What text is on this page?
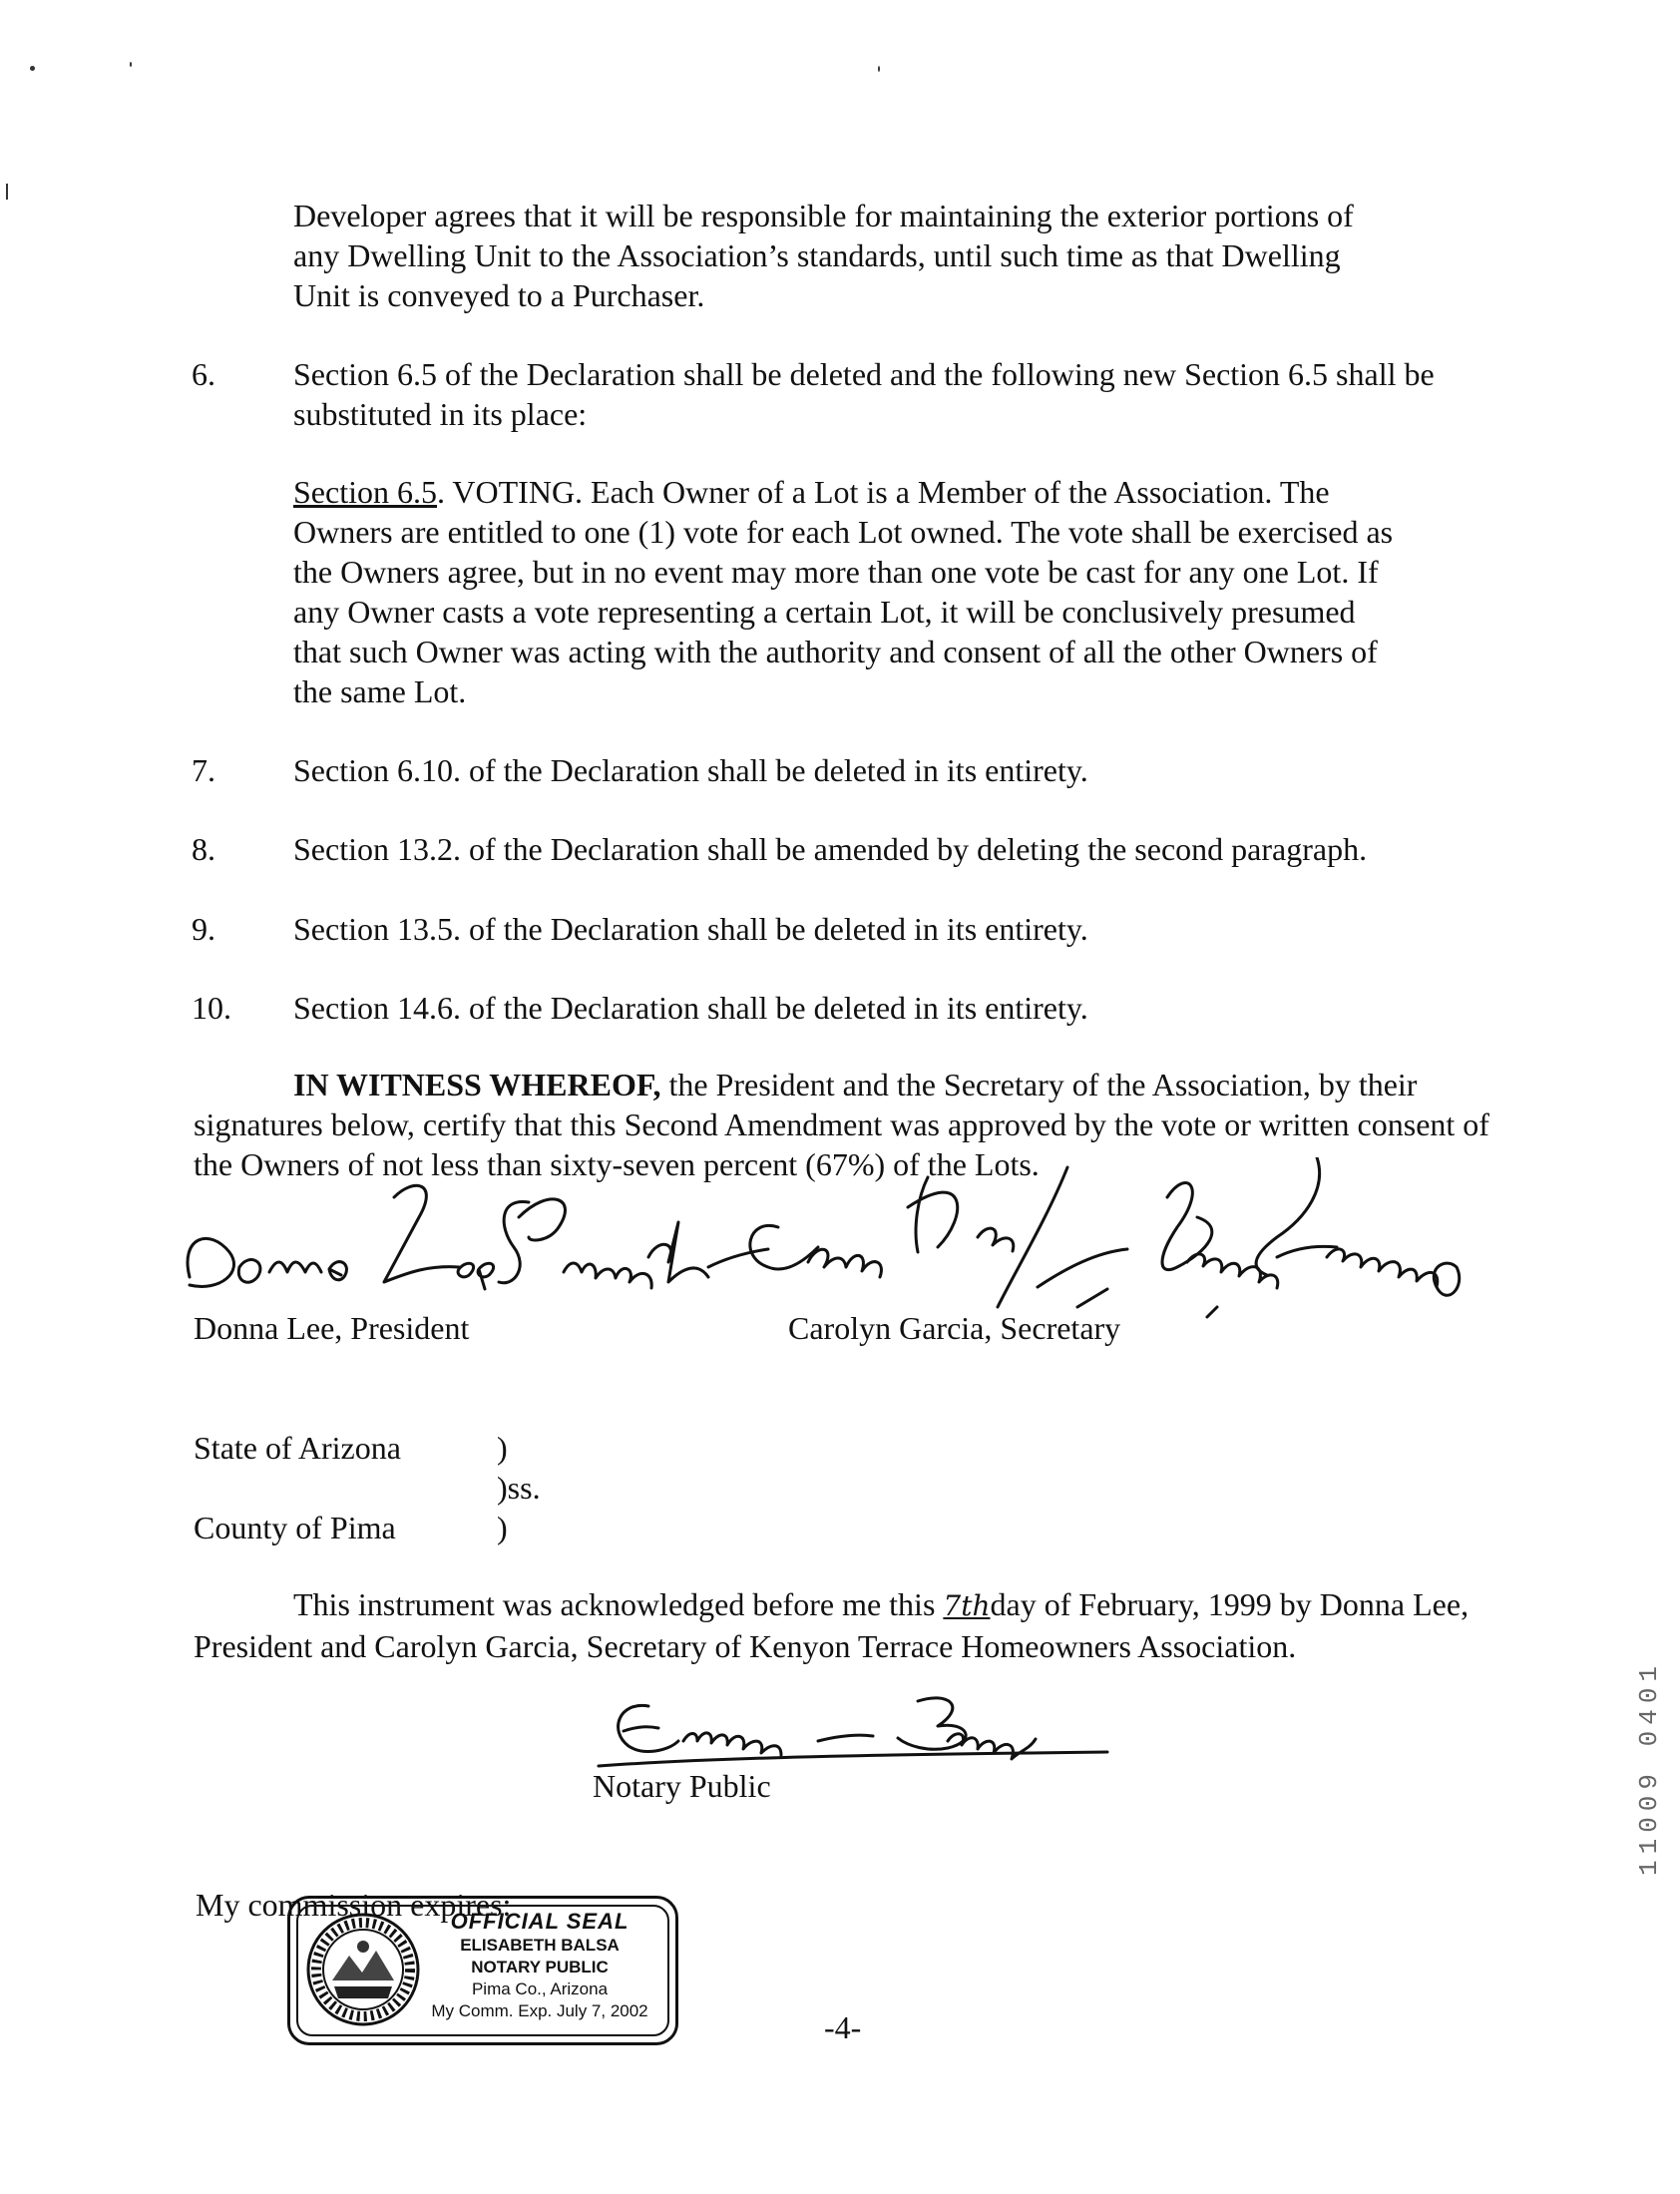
Developer agrees that it will be responsible for maintaining the exterior portions of any Dwelling Unit to the Association’s standards, until such time as that Dwelling Unit is conveyed to a Purchaser.
6. Section 6.5 of the Declaration shall be deleted and the following new Section 6.5 shall be substituted in its place:
Section 6.5. VOTING. Each Owner of a Lot is a Member of the Association. The Owners are entitled to one (1) vote for each Lot owned. The vote shall be exercised as the Owners agree, but in no event may more than one vote be cast for any one Lot. If any Owner casts a vote representing a certain Lot, it will be conclusively presumed that such Owner was acting with the authority and consent of all the other Owners of the same Lot.
7. Section 6.10. of the Declaration shall be deleted in its entirety.
8. Section 13.2. of the Declaration shall be amended by deleting the second paragraph.
9. Section 13.5. of the Declaration shall be deleted in its entirety.
10. Section 14.6. of the Declaration shall be deleted in its entirety.
IN WITNESS WHEREOF, the President and the Secretary of the Association, by their signatures below, certify that this Second Amendment was approved by the vote or written consent of the Owners of not less than sixty-seven percent (67%) of the Lots.
Donna Lee, President	Carolyn Garcia, Secretary
State of Arizona	)
)ss.
County of Pima	)
This instrument was acknowledged before me this 7thday of February, 1999 by Donna Lee, President and Carolyn Garcia, Secretary of Kenyon Terrace Homeowners Association.
Notary Public
My commission expires:
OFFICIAL SEAL
ELISABETH BALSA
NOTARY PUBLIC
Pima Co., Arizona
My Comm. Exp. July 7, 2002	-4-
11009 0401
